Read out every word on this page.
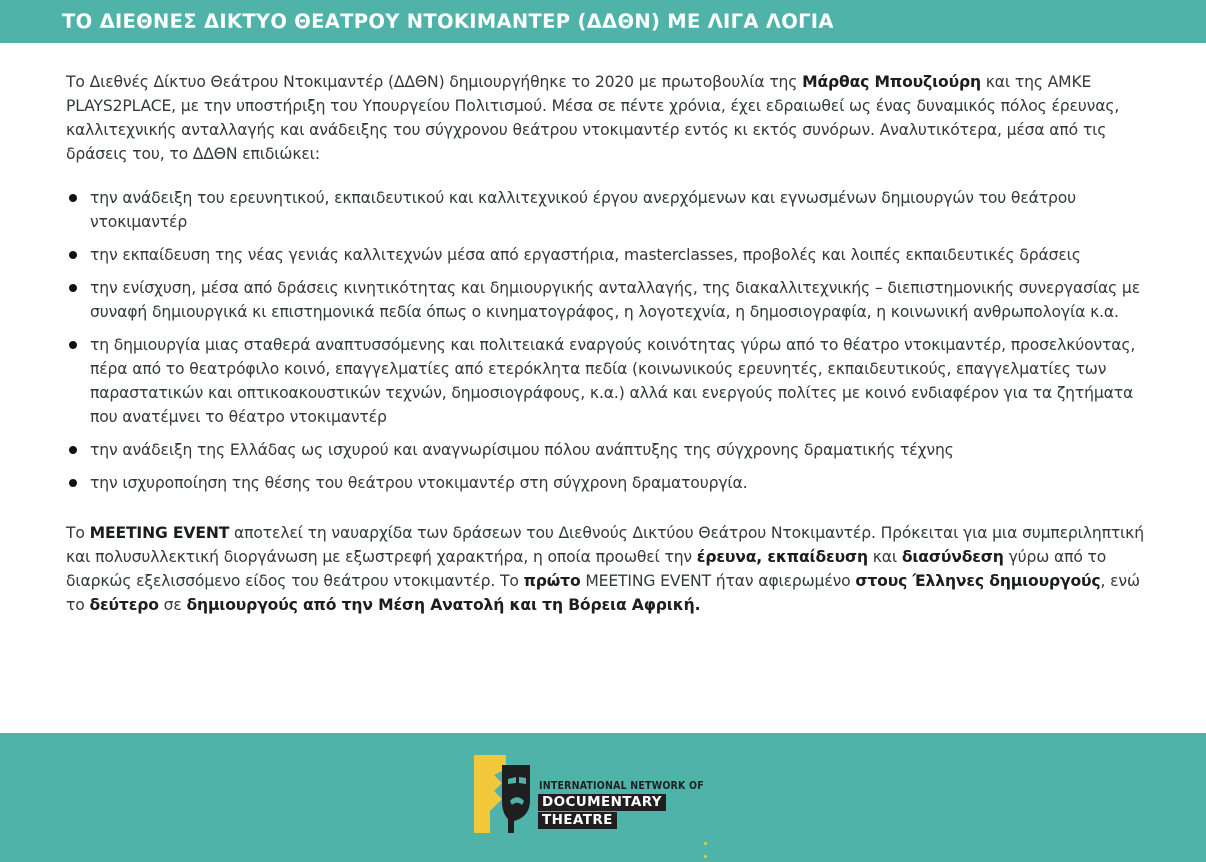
ΤΟ ΔΙΕΘΝΕΣ ΔΙΚΤΥΟ ΘΕΑΤΡΟΥ ΝΤΟΚΙΜΑΝΤΕΡ (ΔΔΘΝ) ΜΕ ΛΙΓΑ ΛΟΓΙΑ

Το Διεθνές Δίκτυο Θεάτρου Ντοκιμαντέρ (ΔΔΘΝ) δημιουργήθηκε το 2020 με πρωτοβουλία της Μάρθας Μπουζιούρη και της ΑΜΚΕ PLAYS2PLACE, με την υποστήριξη του Υπουργείου Πολιτισμού. Μέσα σε πέντε χρόνια, έχει εδραιωθεί ως ένας δυναμικός πόλος έρευνας, καλλιτεχνικής ανταλλαγής και ανάδειξης του σύγχρονου θεάτρου ντοκιμαντέρ εντός κι εκτός συνόρων. Αναλυτικότερα, μέσα από τις δράσεις του, το ΔΔΘΝ επιδιώκει:

την ανάδειξη του ερευνητικού, εκπαιδευτικού και καλλιτεχνικού έργου ανερχόμενων και εγνωσμένων δημιουργών του θεάτρου ντοκιμαντέρ
την εκπαίδευση της νέας γενιάς καλλιτεχνών μέσα από εργαστήρια, masterclasses, προβολές και λοιπές εκπαιδευτικές δράσεις
την ενίσχυση, μέσα από δράσεις κινητικότητας και δημιουργικής ανταλλαγής, της διακαλλιτεχνικής – διεπιστημονικής συνεργασίας με συναφή δημιουργικά κι επιστημονικά πεδία όπως ο κινηματογράφος, η λογοτεχνία, η δημοσιογραφία, η κοινωνική ανθρωπολογία κ.α.
τη δημιουργία μιας σταθερά αναπτυσσόμενης και πολιτειακά εναργούς κοινότητας γύρω από το θέατρο ντοκιμαντέρ, προσελκύοντας, πέρα από το θεατρόφιλο κοινό, επαγγελματίες από ετερόκλητα πεδία (κοινωνικούς ερευνητές, εκπαιδευτικούς, επαγγελματίες των παραστατικών και οπτικοακουστικών τεχνών, δημοσιογράφους, κ.α.) αλλά και ενεργούς πολίτες με κοινό ενδιαφέρον για τα ζητήματα που ανατέμνει το θέατρο ντοκιμαντέρ
την ανάδειξη της Ελλάδας ως ισχυρού και αναγνωρίσιμου πόλου ανάπτυξης της σύγχρονης δραματικής τέχνης
την ισχυροποίηση της θέσης του θεάτρου ντοκιμαντέρ στη σύγχρονη δραματουργία.

Το MEETING EVENT αποτελεί τη ναυαρχίδα των δράσεων του Διεθνούς Δικτύου Θεάτρου Ντοκιμαντέρ. Πρόκειται για μια συμπεριληπτική και πολυσυλλεκτική διοργάνωση με εξωστρεφή χαρακτήρα, η οποία προωθεί την έρευνα, εκπαίδευση και διασύνδεση γύρω από το διαρκώς εξελισσόμενο είδος του θεάτρου ντοκιμαντέρ. Το πρώτο MEETING EVENT ήταν αφιερωμένο στους Έλληνες δημιουργούς, ενώ το δεύτερο σε δημιουργούς από την Μέση Ανατολή και τη Βόρεια Αφρική.

INTERNATIONAL NETWORK OF
DOCUMENTARY
THEATRE
